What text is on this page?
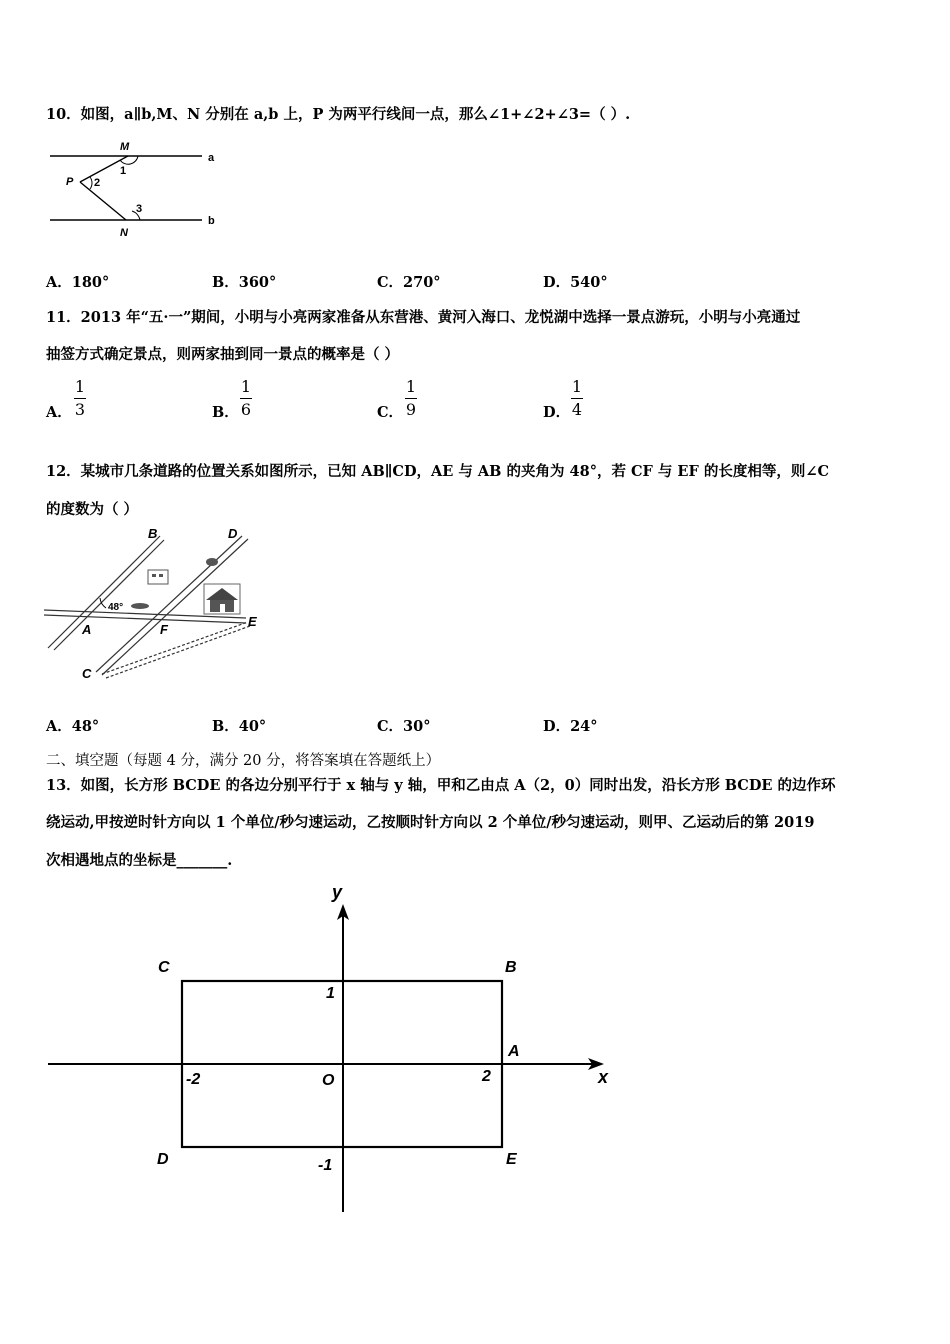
10．如图，a∥b,M、N 分别在 a,b 上，P 为两平行线间一点，那么∠1+∠2+∠3=（ ）.
M
N
P
a
b
1
2
3
A．180°	B．360°	C．270°	D．540°
11．2013 年“五·一”期间，小明与小亮两家准备从东营港、黄河入海口、龙悦湖中选择一景点游玩，小明与小亮通过
抽签方式确定景点，则两家抽到同一景点的概率是（ ）
A．
1
3	B．
1
6	C．
1
9	D．
1
4
12．某城市几条道路的位置关系如图所示，已知 AB∥CD，AE 与 AB 的夹角为 48°，若 CF 与 EF 的长度相等，则∠C
的度数为（ ）
48°
A
B
C
D
E
F
A．48°	B．40°	C．30°	D．24°
二、填空题（每题 4 分，满分 20 分，将答案填在答题纸上）
13．如图，长方形 BCDE 的各边分别平行于 x 轴与 y 轴，甲和乙由点 A（2，0）同时出发，沿长方形 BCDE 的边作环
绕运动,甲按逆时针方向以 1 个单位/秒匀速运动，乙按顺时针方向以 2 个单位/秒匀速运动，则甲、乙运动后的第 2019
次相遇地点的坐标是_______.
y
x
B
C
D	E
A
O
1
-1
2
-2
